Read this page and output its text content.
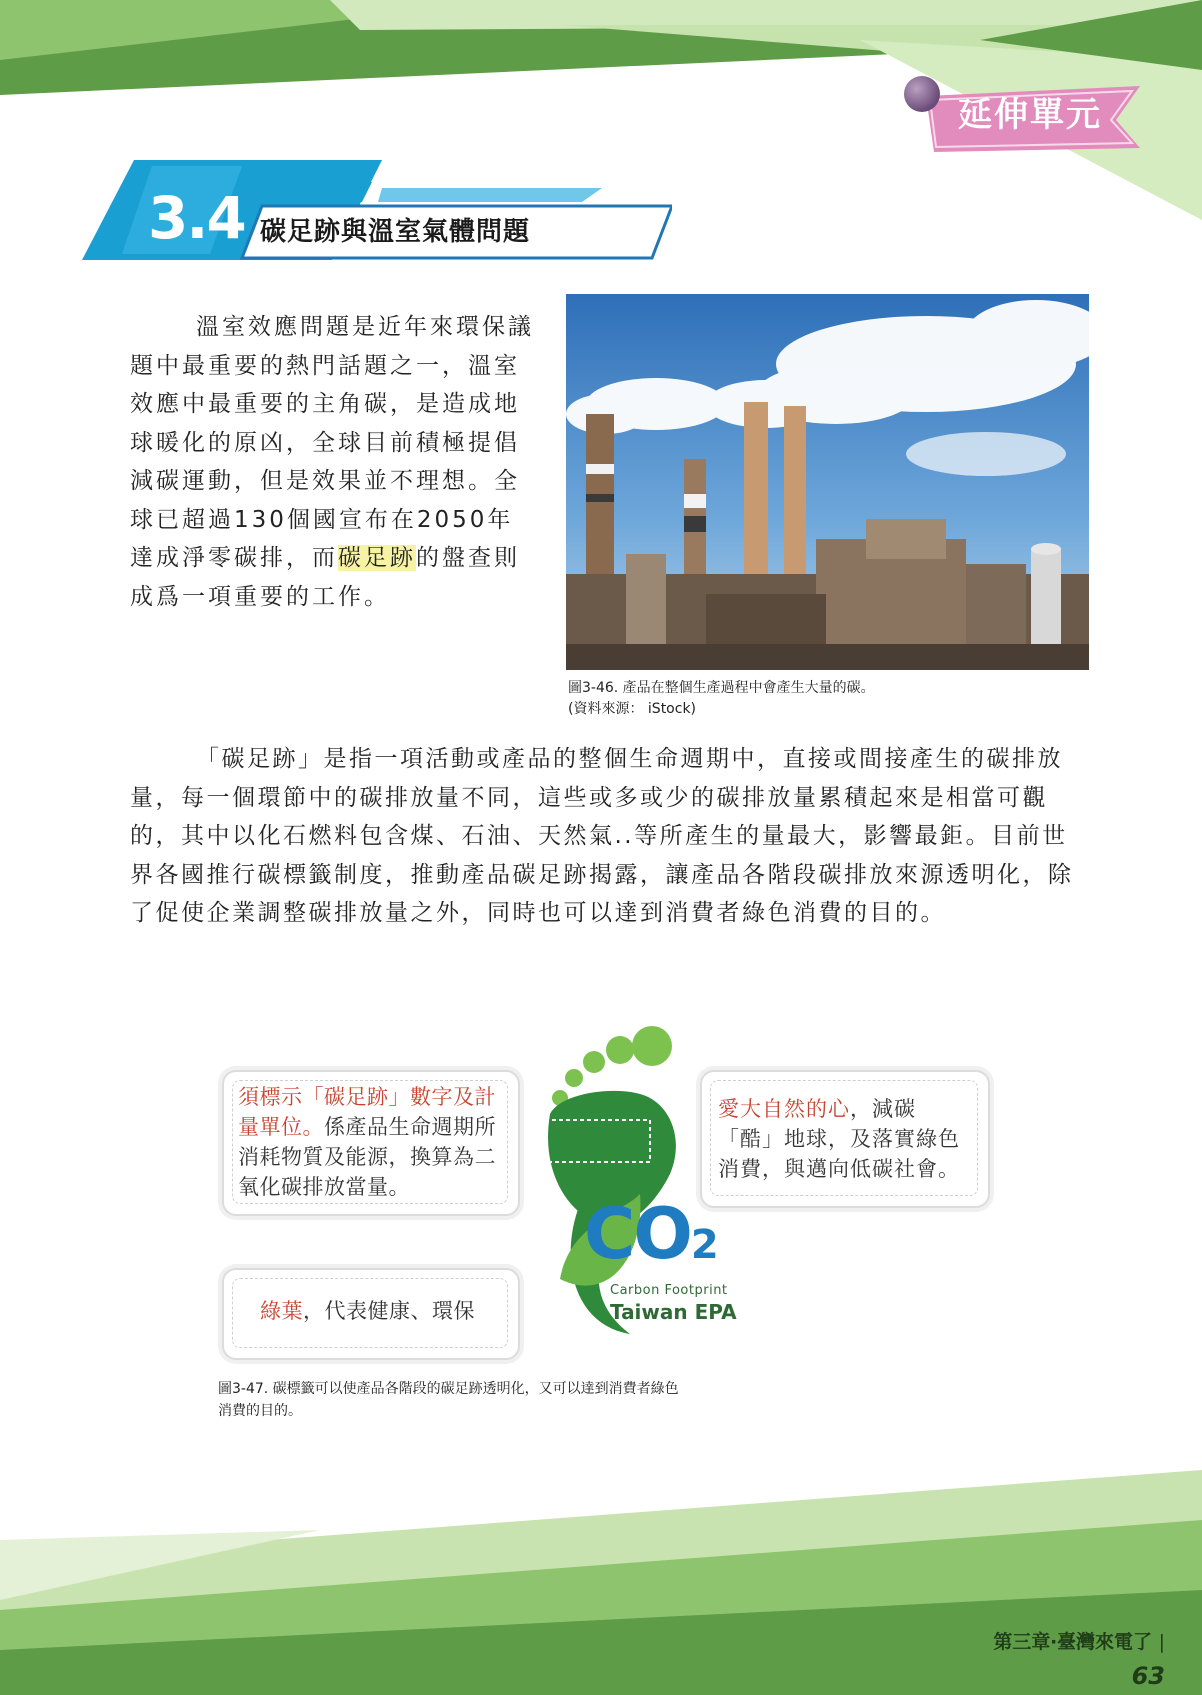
延伸單元
3.4 碳足跡與溫室氣體問題

溫室效應問題是近年來環保議題中最重要的熱門話題之一，溫室效應中最重要的主角碳，是造成地球暖化的原凶，全球目前積極提倡減碳運動，但是效果並不理想。全球已超過130個國宣布在2050年達成淨零碳排，而碳足跡的盤查則成爲一項重要的工作。

圖3-46. 產品在整個生產過程中會產生大量的碳。
(資料來源： iStock)

「碳足跡」是指一項活動或產品的整個生命週期中，直接或間接產生的碳排放量，每一個環節中的碳排放量不同，這些或多或少的碳排放量累積起來是相當可觀的，其中以化石燃料包含煤、石油、天然氣..等所產生的量最大，影響最鉅。目前世界各國推行碳標籤制度，推動產品碳足跡揭露，讓產品各階段碳排放來源透明化，除了促使企業調整碳排放量之外，同時也可以達到消費者綠色消費的目的。

須標示「碳足跡」數字及計量單位。係產品生命週期所消耗物質及能源，換算為二氧化碳排放當量。
愛大自然的心，減碳「酷」地球，及落實綠色消費，與邁向低碳社會。
綠葉，代表健康、環保
CO2
Carbon Footprint
Taiwan EPA
圖3-47. 碳標籤可以使產品各階段的碳足跡透明化，又可以達到消費者綠色
消費的目的。
第三章‧臺灣來電了 | 63
